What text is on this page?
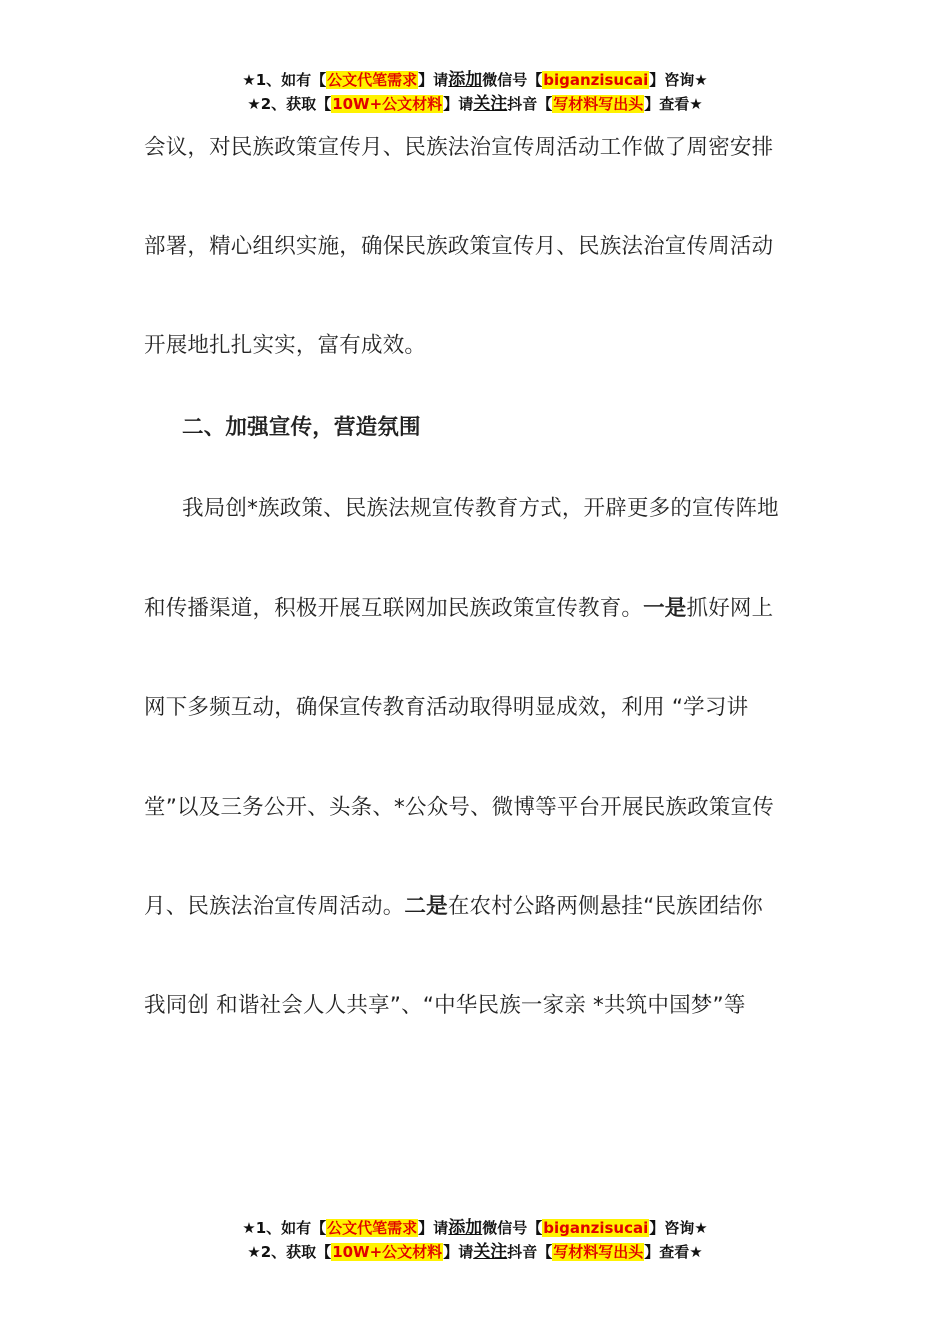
★1、如有【公文代笔需求】请添加微信号【biganzisucai】咨询★
★2、获取【10W+公文材料】请关注抖音【写材料写出头】查看★
会议，对民族政策宣传月、民族法治宣传周活动工作做了周密安排
部署，精心组织实施，确保民族政策宣传月、民族法治宣传周活动
开展地扎扎实实，富有成效。
二、加强宣传，营造氛围
我局创*族政策、民族法规宣传教育方式，开辟更多的宣传阵地
和传播渠道，积极开展互联网加民族政策宣传教育。一是抓好网上
网下多频互动，确保宣传教育活动取得明显成效，利用 “学习讲
堂”以及三务公开、头条、*公众号、微博等平台开展民族政策宣传
月、民族法治宣传周活动。二是在农村公路两侧悬挂“民族团结你
我同创 和谐社会人人共享”、“中华民族一家亲 *共筑中国梦”等
★1、如有【公文代笔需求】请添加微信号【biganzisucai】咨询★
★2、获取【10W+公文材料】请关注抖音【写材料写出头】查看★
